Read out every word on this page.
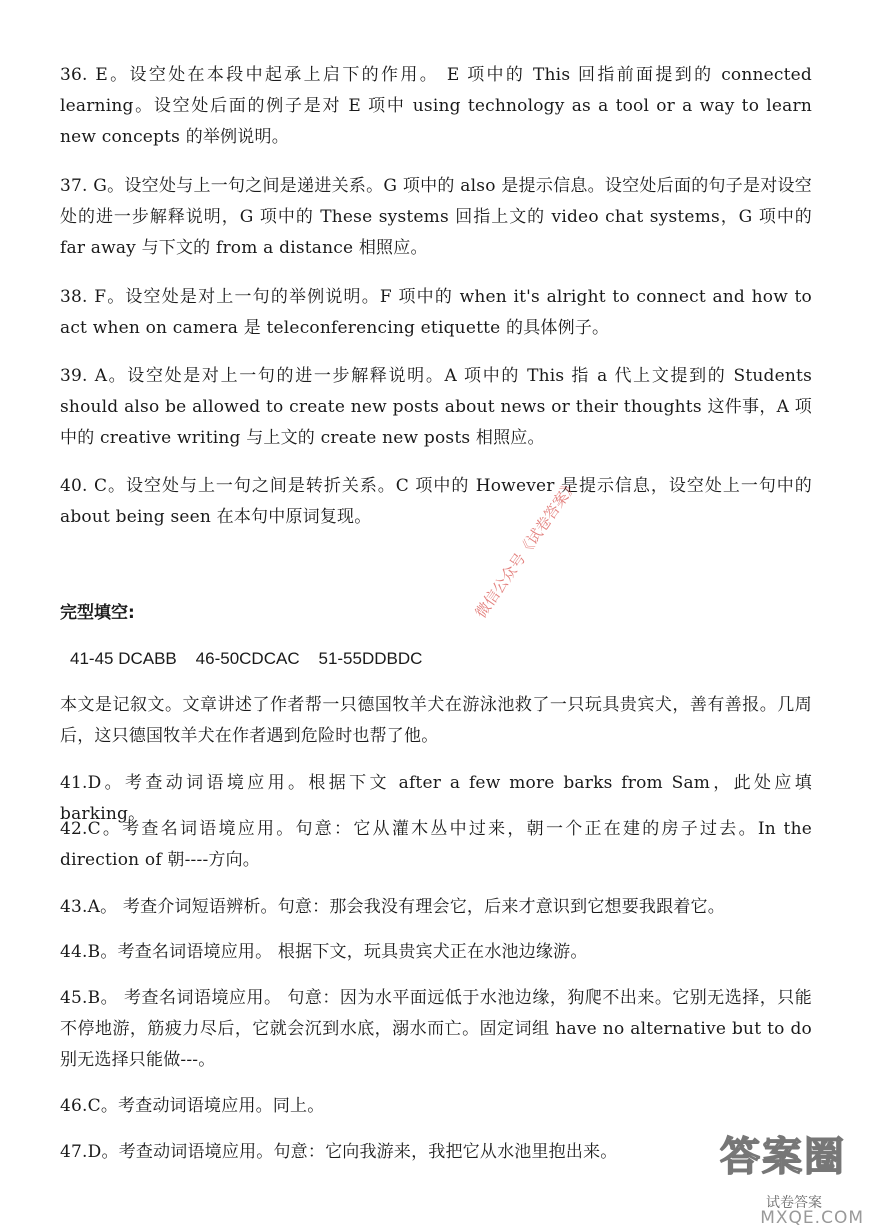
36. E。设空处在本段中起承上启下的作用。 E 项中的 This 回指前面提到的 connected learning。设空处后面的例子是对 E 项中 using technology as a tool or a way to learn new concepts 的举例说明。

37. G。设空处与上一句之间是递进关系。G 项中的 also 是提示信息。设空处后面的句子是对设空处的进一步解释说明，G 项中的 These systems 回指上文的 video chat systems，G 项中的 far away 与下文的 from a distance 相照应。

38. F。设空处是对上一句的举例说明。F 项中的 when it's alright to connect and how to act when on camera 是 teleconferencing etiquette 的具体例子。

39. A。设空处是对上一句的进一步解释说明。A 项中的 This 指 a 代上文提到的 Students should also be allowed to create new posts about news or their thoughts 这件事，A 项中的 creative writing 与上文的 create new posts 相照应。

40. C。设空处与上一句之间是转折关系。C 项中的 However 是提示信息，设空处上一句中的 about being seen 在本句中原词复现。

完型填空:

41-45 DCABB    46-50CDCAC    51-55DDBDC

本文是记叙文。文章讲述了作者帮一只德国牧羊犬在游泳池救了一只玩具贵宾犬，善有善报。几周后，这只德国牧羊犬在作者遇到危险时也帮了他。

41.D。考查动词语境应用。根据下文 after a few more barks from Sam，此处应填 barking。

42.C。考查名词语境应用。句意：它从灌木丛中过来，朝一个正在建的房子过去。In the direction of 朝----方向。

43.A。 考查介词短语辨析。句意：那会我没有理会它，后来才意识到它想要我跟着它。

44.B。考查名词语境应用。 根据下文，玩具贵宾犬正在水池边缘游。

45.B。 考查名词语境应用。 句意：因为水平面远低于水池边缘，狗爬不出来。它别无选择，只能不停地游，筋疲力尽后，它就会沉到水底，溺水而亡。固定词组 have no alternative but to do 别无选择只能做---。

46.C。考查动词语境应用。同上。

47.D。考查动词语境应用。句意：它向我游来，我把它从水池里抱出来。

微信公众号《试卷答案》
答案圈
试卷答案
MXQE.COM
